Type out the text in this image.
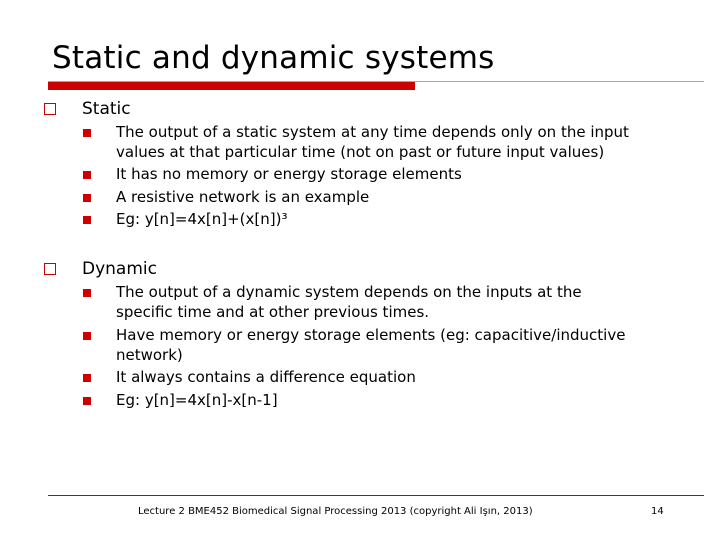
Static and dynamic systems
Static
The output of a static system at any time depends only on the input
values at that particular time (not on past or future input values)
It has no memory or energy storage elements
A resistive network is an example
Eg: y[n]=4x[n]+(x[n])³
Dynamic
The output of a dynamic system depends on the inputs at the
specific time and at other previous times.
Have memory or energy storage elements (eg: capacitive/inductive
network)
It always contains a difference equation
Eg: y[n]=4x[n]-x[n-1]
Lecture 2 BME452 Biomedical Signal Processing 2013 (copyright Ali Işın, 2013)	14
